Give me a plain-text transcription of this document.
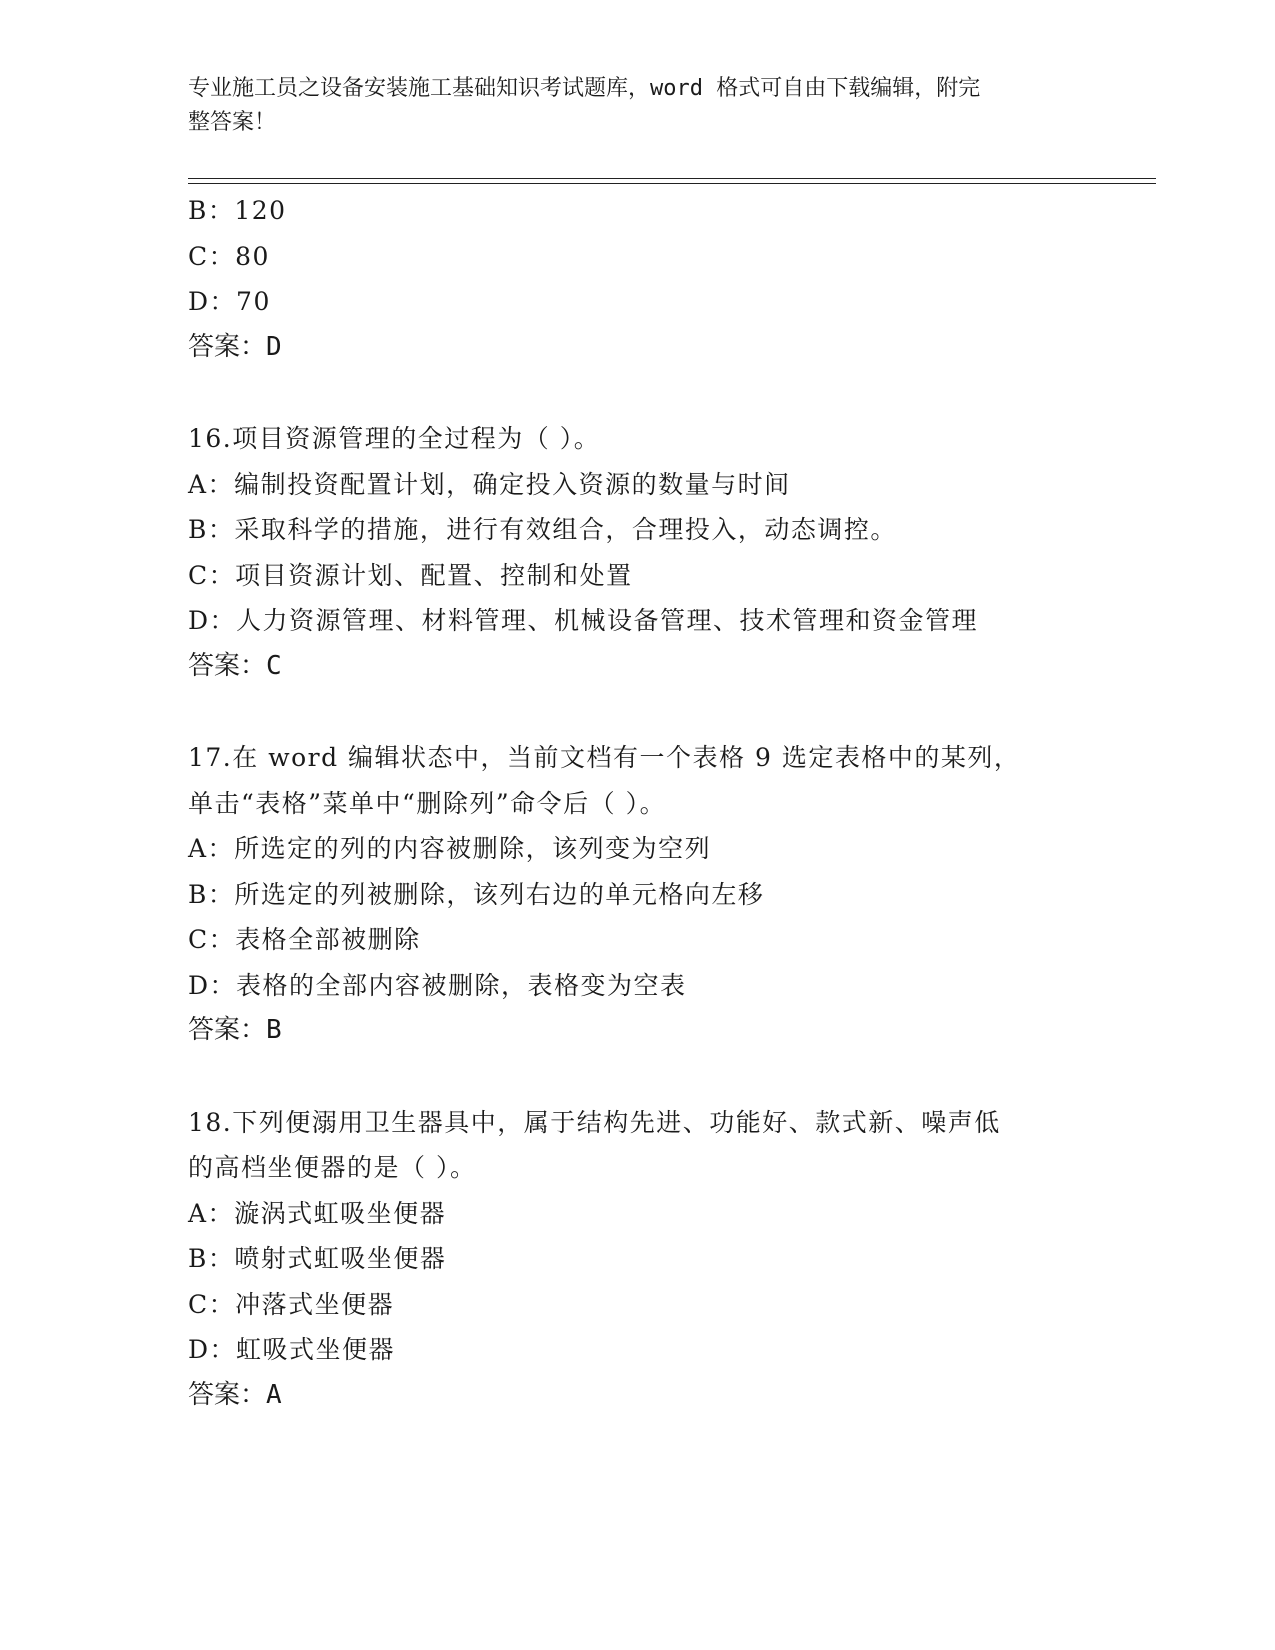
专业施工员之设备安装施工基础知识考试题库，word 格式可自由下载编辑，附完
整答案！
B：120
C：80
D：70
答案：D
16.项目资源管理的全过程为（ ）。
A：编制投资配置计划，确定投入资源的数量与时间
B：采取科学的措施，进行有效组合，合理投入，动态调控。
C：项目资源计划、配置、控制和处置
D：人力资源管理、材料管理、机械设备管理、技术管理和资金管理
答案：C
17.在 word 编辑状态中，当前文档有一个表格 9 选定表格中的某列，
单击“表格”菜单中“删除列”命令后（ ）。
A：所选定的列的内容被删除，该列变为空列
B：所选定的列被删除，该列右边的单元格向左移
C：表格全部被删除
D：表格的全部内容被删除，表格变为空表
答案：B
18.下列便溺用卫生器具中，属于结构先进、功能好、款式新、噪声低
的高档坐便器的是（ ）。
A：漩涡式虹吸坐便器
B：喷射式虹吸坐便器
C：冲落式坐便器
D：虹吸式坐便器
答案：A
